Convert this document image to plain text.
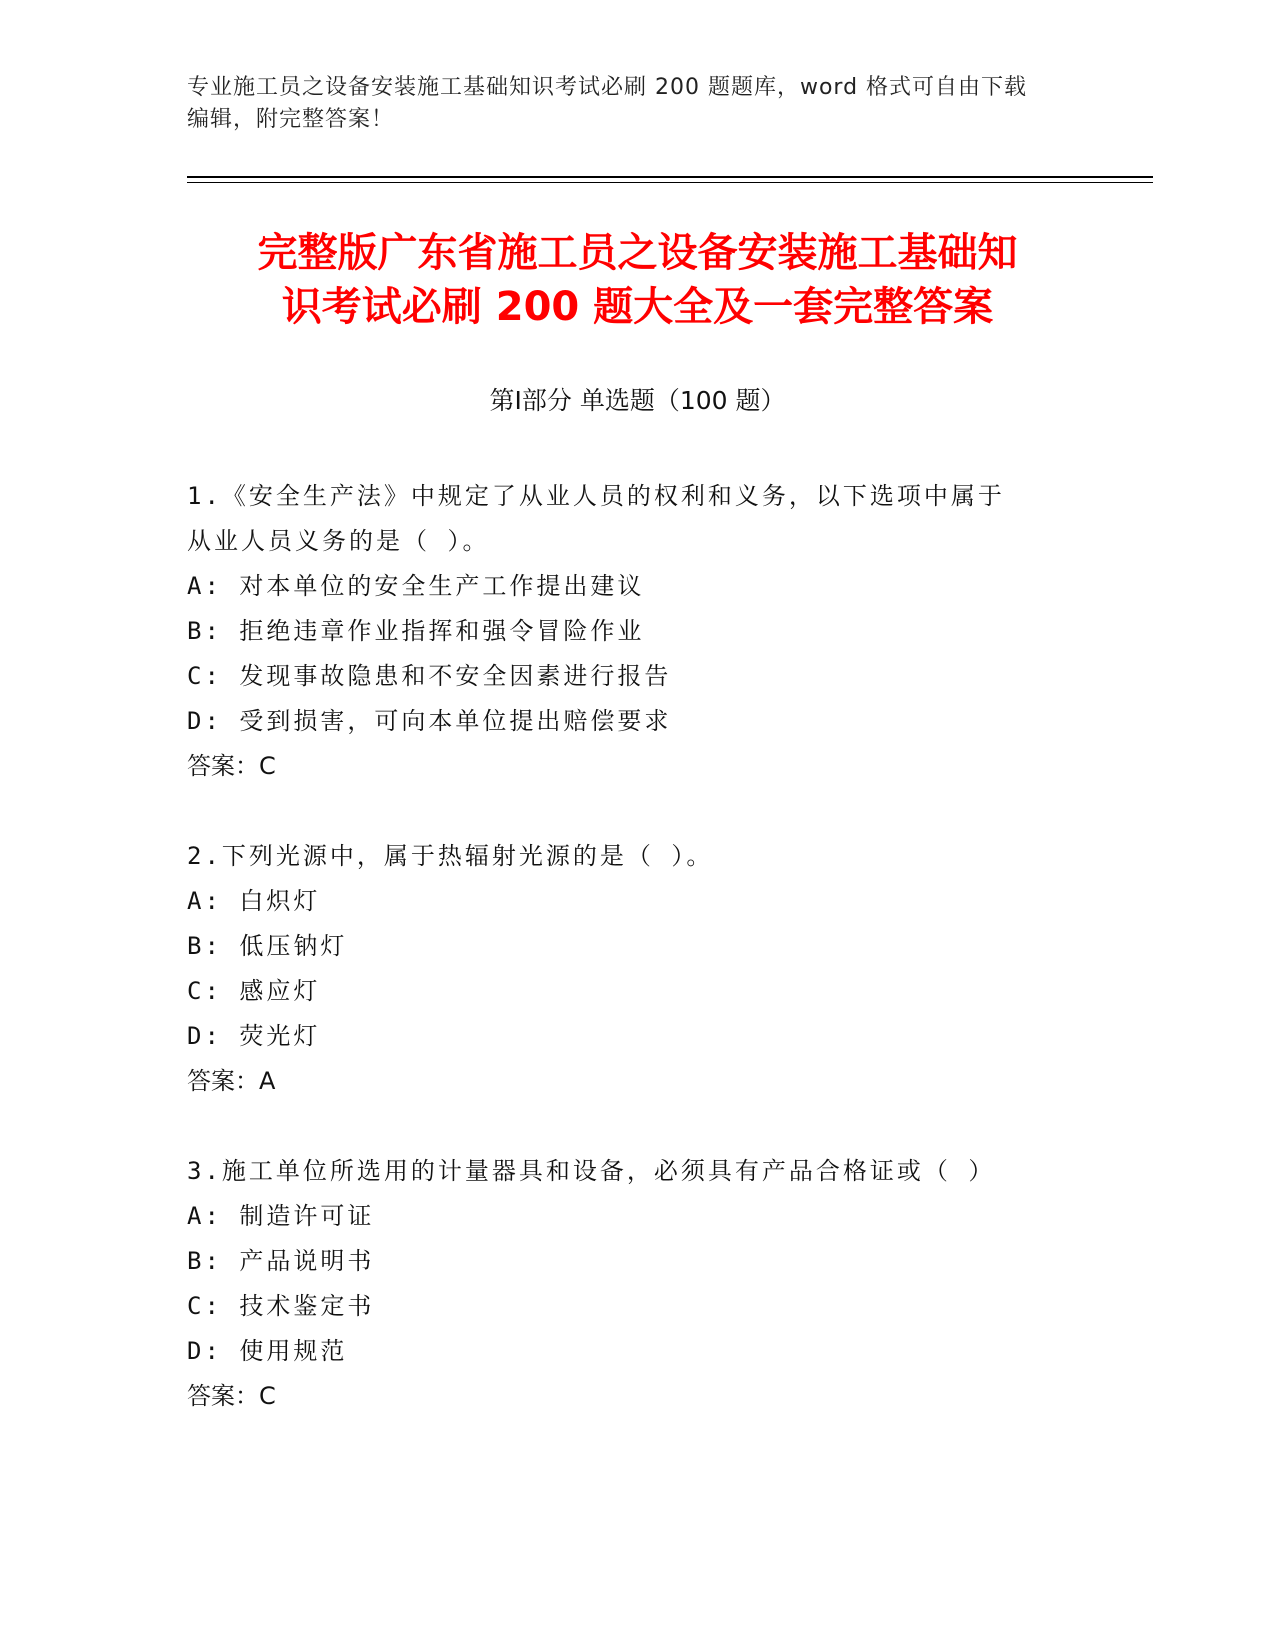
专业施工员之设备安装施工基础知识考试必刷 200 题题库，word 格式可自由下载
编辑，附完整答案！
完整版广东省施工员之设备安装施工基础知
识考试必刷 200 题大全及一套完整答案
第Ⅰ部分 单选题（100 题）
1.《安全生产法》中规定了从业人员的权利和义务，以下选项中属于
从业人员义务的是（ ）。
A: 对本单位的安全生产工作提出建议
B: 拒绝违章作业指挥和强令冒险作业
C: 发现事故隐患和不安全因素进行报告
D: 受到损害，可向本单位提出赔偿要求
答案：C
2.下列光源中，属于热辐射光源的是（ ）。
A: 白炽灯
B: 低压钠灯
C: 感应灯
D: 荧光灯
答案：A
3.施工单位所选用的计量器具和设备，必须具有产品合格证或（ ）
A: 制造许可证
B: 产品说明书
C: 技术鉴定书
D: 使用规范
答案：C
